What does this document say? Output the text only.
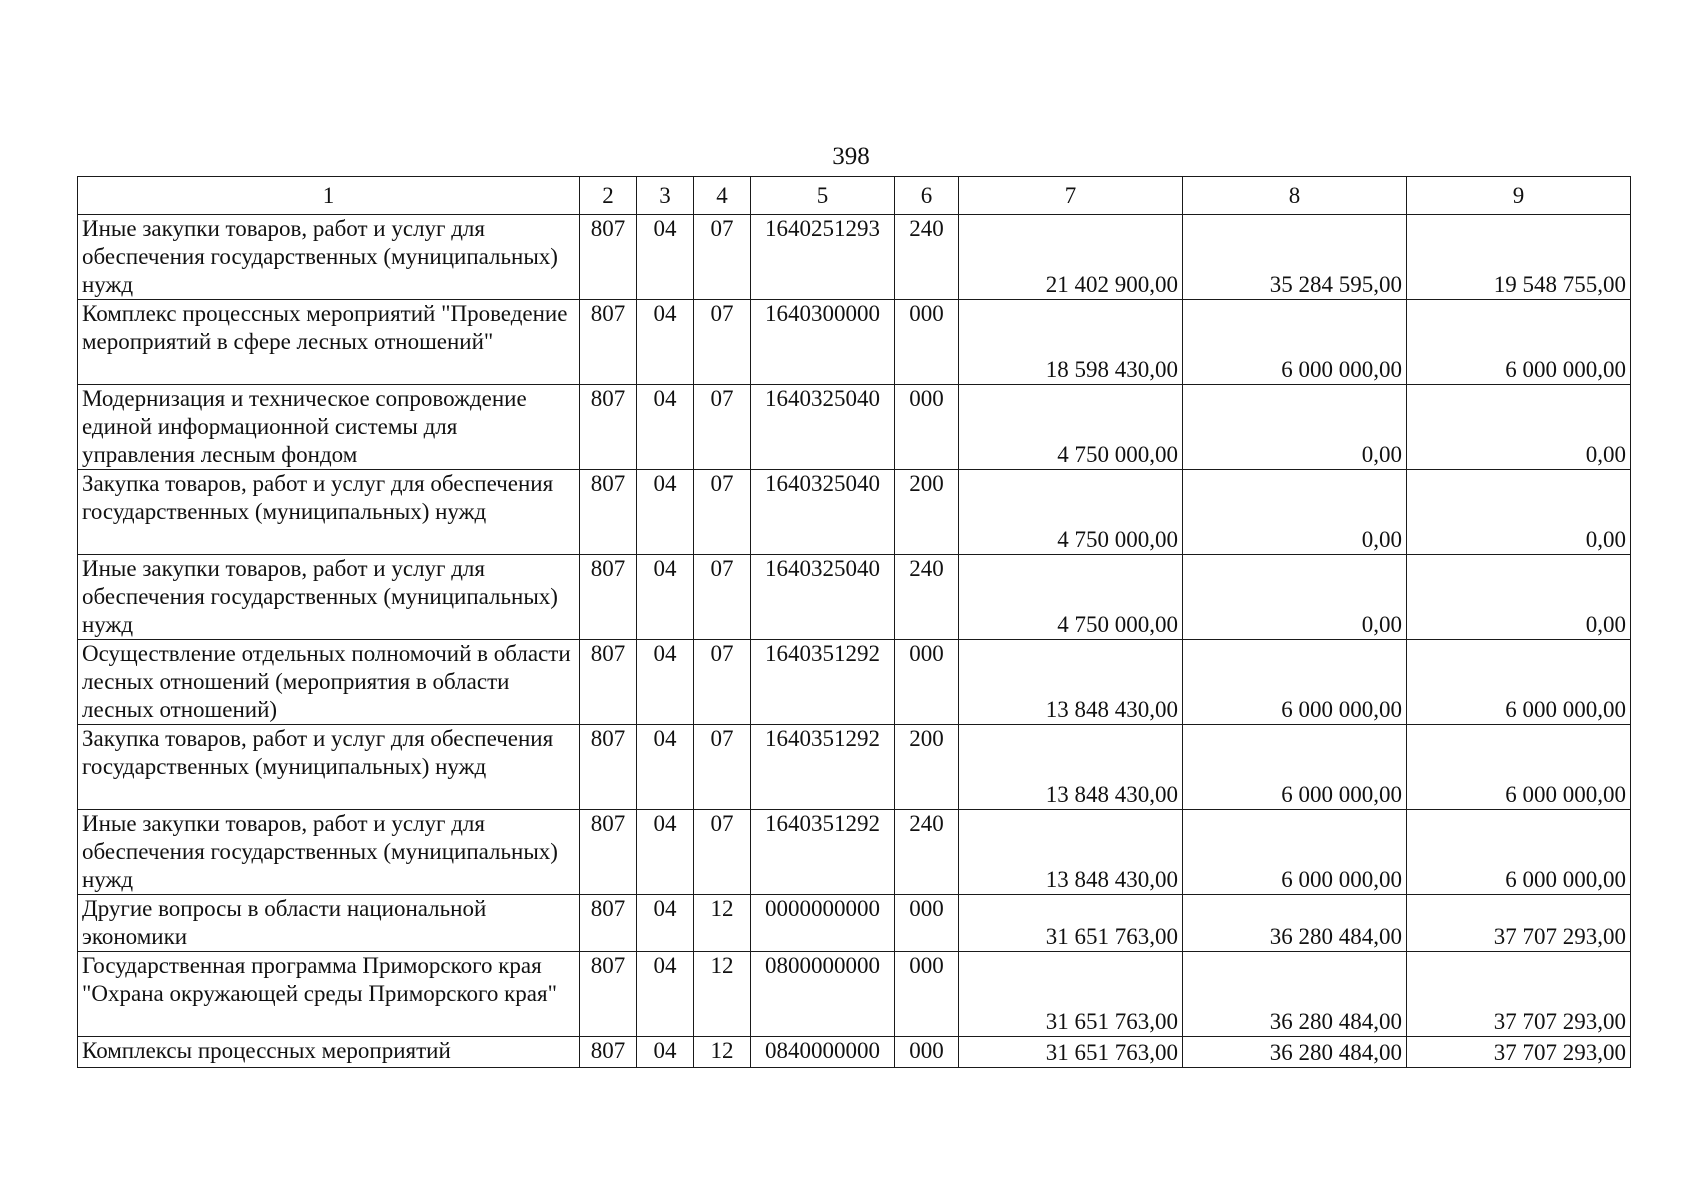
398
1	2	3	4	5	6	7	8	9
Иные закупки товаров, работ и услуг для обеспечения государственных (муниципальных) нужд	807	04	07	1640251293	240	21 402 900,00	35 284 595,00	19 548 755,00
Комплекс процессных мероприятий "Проведение мероприятий в сфере лесных отношений"	807	04	07	1640300000	000	18 598 430,00	6 000 000,00	6 000 000,00
Модернизация и техническое сопровождение единой информационной системы для управления лесным фондом	807	04	07	1640325040	000	4 750 000,00	0,00	0,00
Закупка товаров, работ и услуг для обеспечения государственных (муниципальных) нужд	807	04	07	1640325040	200	4 750 000,00	0,00	0,00
Иные закупки товаров, работ и услуг для обеспечения государственных (муниципальных) нужд	807	04	07	1640325040	240	4 750 000,00	0,00	0,00
Осуществление отдельных полномочий в области лесных отношений (мероприятия в области лесных отношений)	807	04	07	1640351292	000	13 848 430,00	6 000 000,00	6 000 000,00
Закупка товаров, работ и услуг для обеспечения государственных (муниципальных) нужд	807	04	07	1640351292	200	13 848 430,00	6 000 000,00	6 000 000,00
Иные закупки товаров, работ и услуг для обеспечения государственных (муниципальных) нужд	807	04	07	1640351292	240	13 848 430,00	6 000 000,00	6 000 000,00
Другие вопросы в области национальной экономики	807	04	12	0000000000	000	31 651 763,00	36 280 484,00	37 707 293,00
Государственная программа Приморского края "Охрана окружающей среды Приморского края"	807	04	12	0800000000	000	31 651 763,00	36 280 484,00	37 707 293,00
Комплексы процессных мероприятий	807	04	12	0840000000	000	31 651 763,00	36 280 484,00	37 707 293,00
